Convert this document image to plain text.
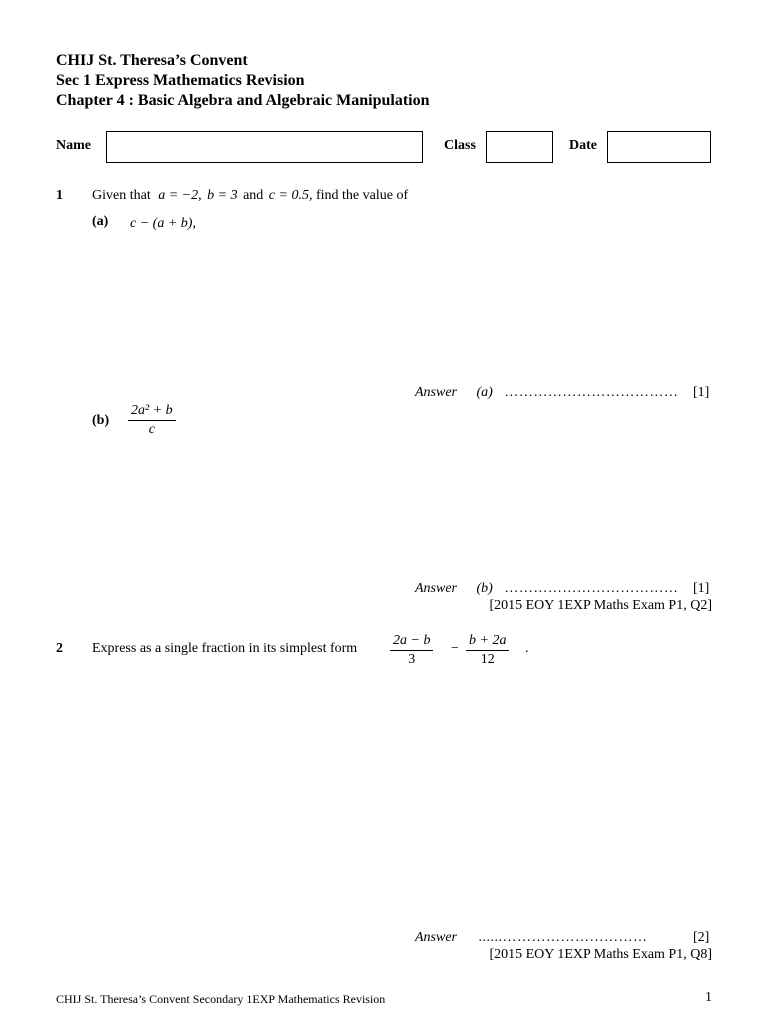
CHIJ St. Theresa’s Convent
Sec 1 Express Mathematics Revision
Chapter 4 : Basic Algebra and Algebraic Manipulation
Name	Class	Date
1 Given that a = −2, b = 3 and c = 0.5, find the value of
(a) c − (a + b),
Answer (a) ……………………………… [1]
$(b) \frac{\text{2a² + b}}{c}$
Answer (b) ……………………………… [1]
[2015 EOY 1EXP Maths Exam P1, Q2]
2 Express as a single fraction in its simplest form $\frac{2a - b}{3} - \frac{b + 2a}{12}$ .
Answer ......…………………………	[2]
[2015 EOY 1EXP Maths Exam P1, Q8]
CHIJ St. Theresa’s Convent Secondary 1EXP Mathematics Revision	1
